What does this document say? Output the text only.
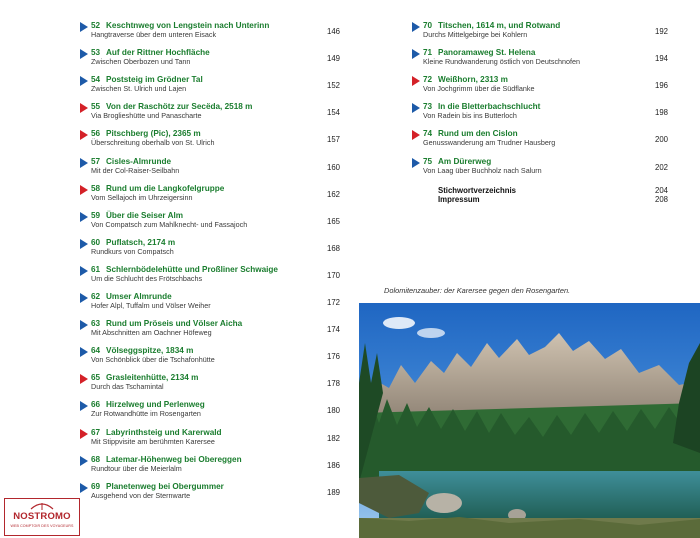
52 Keschtnweg von Lengstein nach Unterinn
Hangtraverse über dem unteren Eisack	146
53 Auf der Rittner Hochfläche
Zwischen Oberbozen und Tann	149
54 Poststeig im Grödner Tal
Zwischen St. Ulrich und Lajen	152
55 Von der Raschötz zur Secëda, 2518 m
Via Broglieshütte und Panascharte	154
56 Pitschberg (Pic), 2365 m
Überschreitung oberhalb von St. Ulrich	157
57 Cisles-Almrunde
Mit der Col-Raiser-Seilbahn	160
58 Rund um die Langkofelgruppe
Vom Sellajoch im Uhrzeigersinn	162
59 Über die Seiser Alm
Von Compatsch zum Mahlknecht- und Fassajoch	165
60 Puflatsch, 2174 m
Rundkurs von Compatsch	168
61 Schlernbödelehütte und Proßliner Schwaige
Um die Schlucht des Frötschbachs	170
62 Umser Almrunde
Hofer Alpl, Tuffalm und Völser Weiher	172
63 Rund um Pröseis und Völser Aicha
Mit Abschnitten am Oachner Höfeweg	174
64 Völseggspitze, 1834 m
Von Schönblick über die Tschafonhütte	176
65 Grasleitenhütte, 2134 m
Durch das Tschamintal	178
66 Hirzelweg und Perlenweg
Zur Rotwandhütte im Rosengarten	180
67 Labyrinthsteig und Karerwald
Mit Stippvisite am berühmten Karersee	182
68 Latemar-Höhenweg bei Obereggen
Rundtour über die Meierlalm	186
69 Planetenweg bei Obergummer
Ausgehend von der Sternwarte	189
70 Titschen, 1614 m, und Rotwand
Durchs Mittelgebirge bei Kohlern	192
71 Panoramaweg St. Helena
Kleine Rundwanderung östlich von Deutschnofen	194
72 Weißhorn, 2313 m
Von Jochgrimm über die Südflanke	196
73 In die Bletterbachschlucht
Von Radein bis ins Butterloch	198
74 Rund um den Cislon
Genusswanderung am Trudner Hausberg	200
75 Am Dürerweg
Von Laag über Buchholz nach Salurn	202
Stichwortverzeichnis	204
Impressum	208
Dolomitenzauber: der Karersee gegen den Rosengarten.
NOSTROMO
WEB COMPTOIR DES VOYAGEURS
